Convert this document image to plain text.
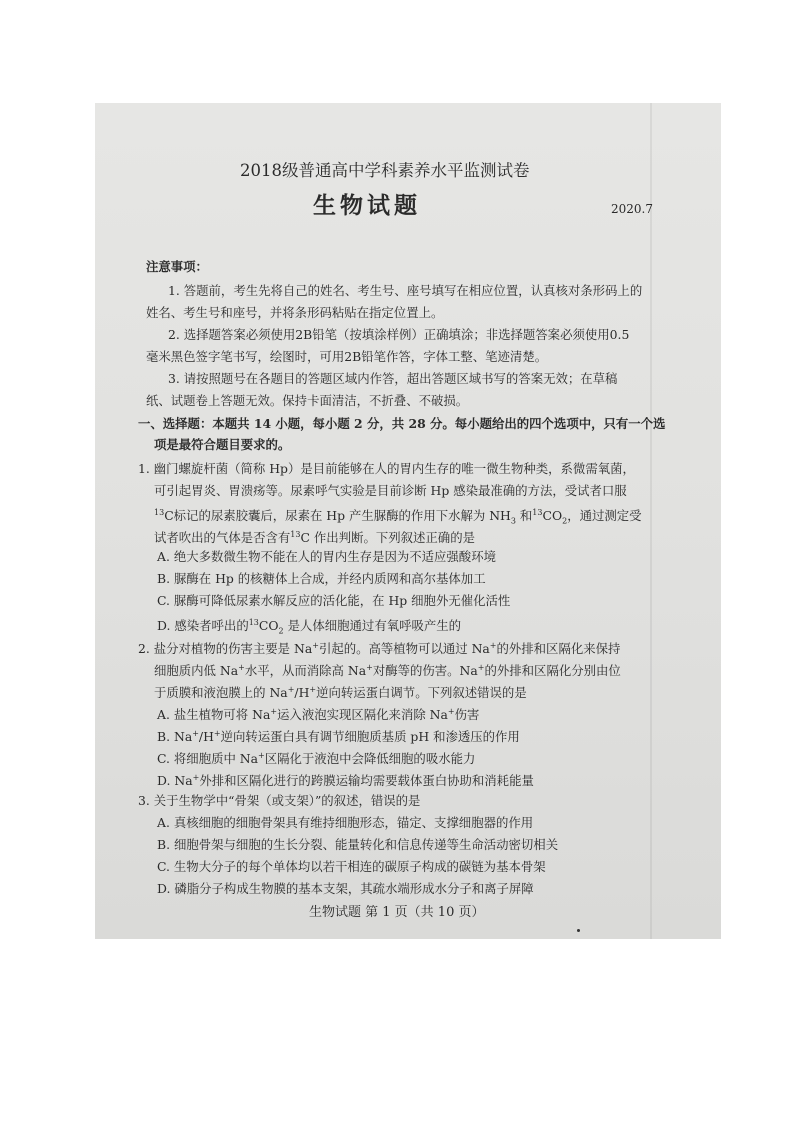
2018级普通高中学科素养水平监测试卷
生物试题	2020.7
注意事项：
1. 答题前，考生先将自己的姓名、考生号、座号填写在相应位置，认真核对条形码上的
姓名、考生号和座号，并将条形码粘贴在指定位置上。
2. 选择题答案必须使用2B铅笔（按填涂样例）正确填涂；非选择题答案必须使用0.5
毫米黑色签字笔书写，绘图时，可用2B铅笔作答，字体工整、笔迹清楚。
3. 请按照题号在各题目的答题区域内作答，超出答题区域书写的答案无效；在草稿
纸、试题卷上答题无效。保持卡面清洁，不折叠、不破损。
一、选择题：本题共 14 小题，每小题 2 分，共 28 分。每小题给出的四个选项中，只有一个选
项是最符合题目要求的。
1. 幽门螺旋杆菌（简称 Hp）是目前能够在人的胃内生存的唯一微生物种类，系微需氧菌，
可引起胃炎、胃溃疡等。尿素呼气实验是目前诊断 Hp 感染最准确的方法，受试者口服
$^{13}$C标记的尿素胶囊后，尿素在 Hp 产生脲酶的作用下水解为 $NH_3$ 和$^{13}CO_2$，通过测定受
试者吹出的气体是否含有$^{13}$C 作出判断。下列叙述正确的是
A. 绝大多数微生物不能在人的胃内生存是因为不适应强酸环境
B. 脲酶在 Hp 的核糖体上合成，并经内质网和高尔基体加工
C. 脲酶可降低尿素水解反应的活化能，在 Hp 细胞外无催化活性
D. 感染者呼出的$^{13}CO_2$ 是人体细胞通过有氧呼吸产生的
2. 盐分对植物的伤害主要是 Na+引起的。高等植物可以通过 Na+的外排和区隔化来保持
细胞质内低 Na+水平，从而消除高 Na+对酶等的伤害。Na+的外排和区隔化分别由位
于质膜和液泡膜上的 Na+/H+逆向转运蛋白调节。下列叙述错误的是
A. 盐生植物可将 Na+运入液泡实现区隔化来消除 Na+伤害
B. Na+/H+逆向转运蛋白具有调节细胞质基质 pH 和渗透压的作用
C. 将细胞质中 Na+区隔化于液泡中会降低细胞的吸水能力
D. Na+外排和区隔化进行的跨膜运输均需要载体蛋白协助和消耗能量
3. 关于生物学中“骨架（或支架）”的叙述，错误的是
A. 真核细胞的细胞骨架具有维持细胞形态，锚定、支撑细胞器的作用
B. 细胞骨架与细胞的生长分裂、能量转化和信息传递等生命活动密切相关
C. 生物大分子的每个单体均以若干相连的碳原子构成的碳链为基本骨架
D. 磷脂分子构成生物膜的基本支架，其疏水端形成水分子和离子屏障
生物试题 第 1 页（共 10 页）
